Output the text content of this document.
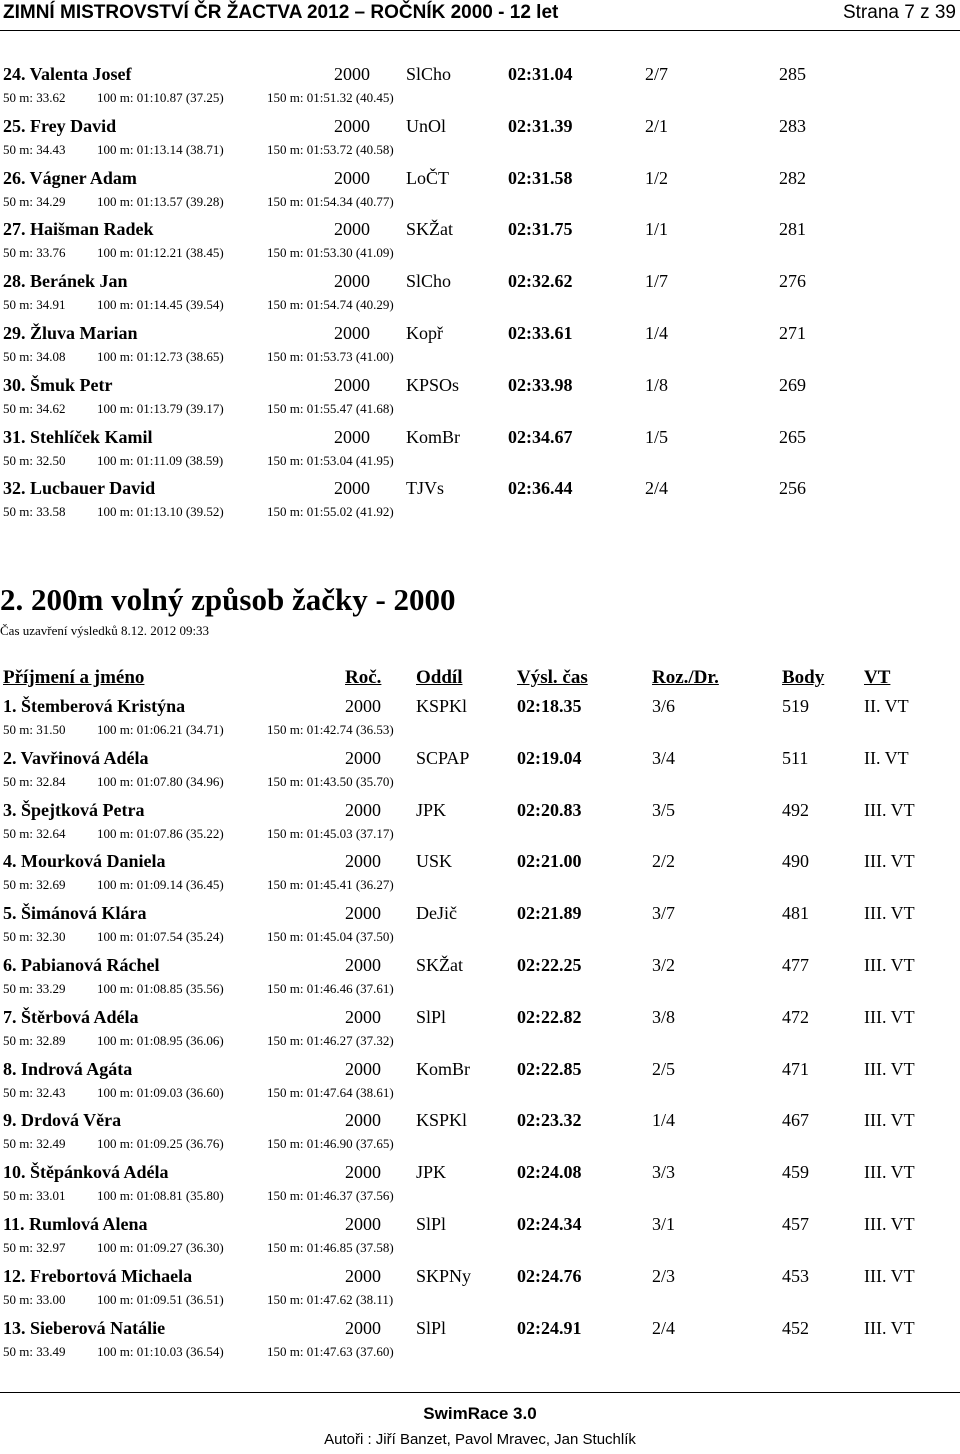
ZIMNÍ MISTROVSTVÍ ČR ŽACTVA 2012 – ROČNÍK 2000 - 12 let	Strana 7 z 39
24. Valenta Josef	2000 SlCho	02:31.04	2/7	285
50 m: 33.62 100 m: 01:10.87 (37.25)	150 m: 01:51.32 (40.45)
25. Frey David	2000 UnOl	02:31.39	2/1	283
50 m: 34.43 100 m: 01:13.14 (38.71)	150 m: 01:53.72 (40.58)
26. Vágner Adam	2000 LoČT	02:31.58	1/2	282
50 m: 34.29 100 m: 01:13.57 (39.28)	150 m: 01:54.34 (40.77)
27. Haišman Radek	2000 SKŽat	02:31.75	1/1	281
50 m: 33.76 100 m: 01:12.21 (38.45)	150 m: 01:53.30 (41.09)
28. Beránek Jan	2000 SlCho	02:32.62	1/7	276
50 m: 34.91 100 m: 01:14.45 (39.54)	150 m: 01:54.74 (40.29)
29. Žluva Marian	2000 Kopř	02:33.61	1/4	271
50 m: 34.08 100 m: 01:12.73 (38.65)	150 m: 01:53.73 (41.00)
30. Šmuk Petr	2000 KPSOs	02:33.98	1/8	269
50 m: 34.62 100 m: 01:13.79 (39.17)	150 m: 01:55.47 (41.68)
31. Stehlíček Kamil	2000 KomBr	02:34.67	1/5	265
50 m: 32.50 100 m: 01:11.09 (38.59)	150 m: 01:53.04 (41.95)
32. Lucbauer David	2000 TJVs	02:36.44	2/4	256
50 m: 33.58 100 m: 01:13.10 (39.52)	150 m: 01:55.02 (41.92)
2. 200m volný způsob žačky - 2000
Čas uzavření výsledků 8.12. 2012 09:33
Příjmení a jméno	Roč. Oddíl	Výsl. čas	Roz./Dr.	Body VT
1. Štemberová Kristýna	2000 KSPKl	02:18.35	3/6	519	II. VT
50 m: 31.50 100 m: 01:06.21 (34.71)	150 m: 01:42.74 (36.53)
2. Vavřinová Adéla	2000 SCPAP	02:19.04	3/4	511	II. VT
50 m: 32.84 100 m: 01:07.80 (34.96)	150 m: 01:43.50 (35.70)
3. Špejtková Petra	2000 JPK	02:20.83	3/5	492	III. VT
50 m: 32.64 100 m: 01:07.86 (35.22)	150 m: 01:45.03 (37.17)
4. Mourková Daniela	2000 USK	02:21.00	2/2	490	III. VT
50 m: 32.69 100 m: 01:09.14 (36.45)	150 m: 01:45.41 (36.27)
5. Šimánová Klára	2000 DeJič	02:21.89	3/7	481	III. VT
50 m: 32.30 100 m: 01:07.54 (35.24)	150 m: 01:45.04 (37.50)
6. Pabianová Ráchel	2000 SKŽat	02:22.25	3/2	477	III. VT
50 m: 33.29 100 m: 01:08.85 (35.56)	150 m: 01:46.46 (37.61)
7. Štěrbová Adéla	2000 SlPl	02:22.82	3/8	472	III. VT
50 m: 32.89 100 m: 01:08.95 (36.06)	150 m: 01:46.27 (37.32)
8. Indrová Agáta	2000 KomBr	02:22.85	2/5	471	III. VT
50 m: 32.43 100 m: 01:09.03 (36.60)	150 m: 01:47.64 (38.61)
9. Drdová Věra	2000 KSPKl	02:23.32	1/4	467	III. VT
50 m: 32.49 100 m: 01:09.25 (36.76)	150 m: 01:46.90 (37.65)
10. Štěpánková Adéla	2000 JPK	02:24.08	3/3	459	III. VT
50 m: 33.01 100 m: 01:08.81 (35.80)	150 m: 01:46.37 (37.56)
11. Rumlová Alena	2000 SlPl	02:24.34	3/1	457	III. VT
50 m: 32.97 100 m: 01:09.27 (36.30)	150 m: 01:46.85 (37.58)
12. Frebortová Michaela	2000 SKPNy	02:24.76	2/3	453	III. VT
50 m: 33.00 100 m: 01:09.51 (36.51)	150 m: 01:47.62 (38.11)
13. Sieberová Natálie	2000 SlPl	02:24.91	2/4	452	III. VT
50 m: 33.49 100 m: 01:10.03 (36.54)	150 m: 01:47.63 (37.60)
SwimRace 3.0
Autoři : Jiří Banzet, Pavol Mravec, Jan Stuchlík
